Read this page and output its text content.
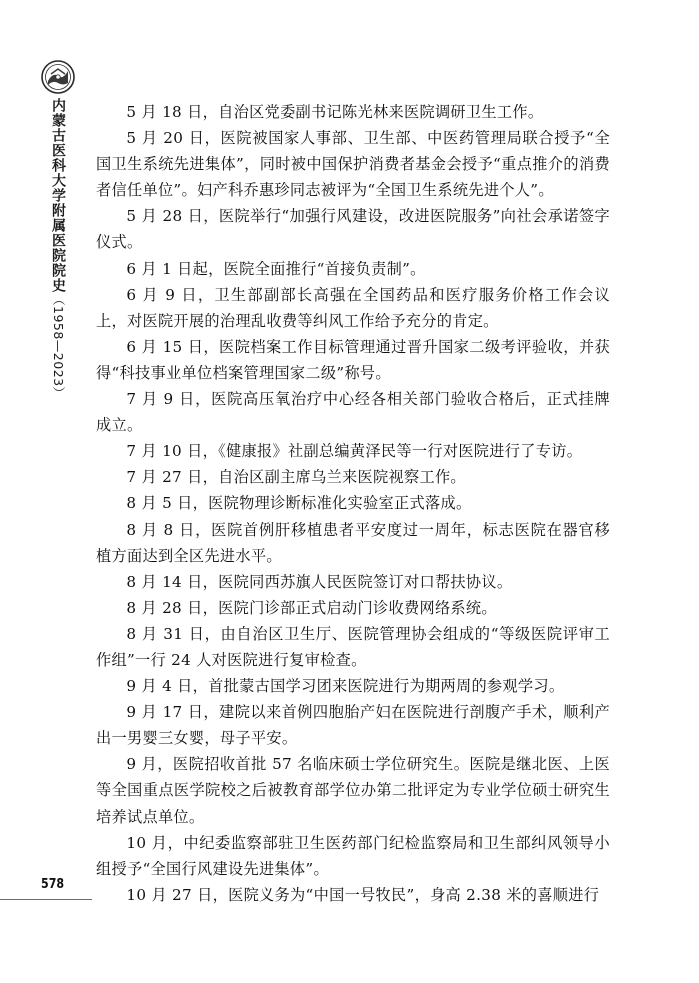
内蒙古医科大学附属医院院史（1958—2023）

5 月 18 日，自治区党委副书记陈光林来医院调研卫生工作。

5 月 20 日，医院被国家人事部、卫生部、中医药管理局联合授予“全国卫生系统先进集体”，同时被中国保护消费者基金会授予“重点推介的消费者信任单位”。妇产科乔惠珍同志被评为“全国卫生系统先进个人”。

5 月 28 日，医院举行“加强行风建设，改进医院服务”向社会承诺签字仪式。

6 月 1 日起，医院全面推行“首接负责制”。

6 月 9 日，卫生部副部长高强在全国药品和医疗服务价格工作会议上，对医院开展的治理乱收费等纠风工作给予充分的肯定。

6 月 15 日，医院档案工作目标管理通过晋升国家二级考评验收，并获得“科技事业单位档案管理国家二级”称号。

7 月 9 日，医院高压氧治疗中心经各相关部门验收合格后，正式挂牌成立。

7 月 10 日，《健康报》社副总编黄泽民等一行对医院进行了专访。

7 月 27 日，自治区副主席乌兰来医院视察工作。

8 月 5 日，医院物理诊断标准化实验室正式落成。

8 月 8 日，医院首例肝移植患者平安度过一周年，标志医院在器官移植方面达到全区先进水平。

8 月 14 日，医院同西苏旗人民医院签订对口帮扶协议。

8 月 28 日，医院门诊部正式启动门诊收费网络系统。

8 月 31 日，由自治区卫生厅、医院管理协会组成的“等级医院评审工作组”一行 24 人对医院进行复审检查。

9 月 4 日，首批蒙古国学习团来医院进行为期两周的参观学习。

9 月 17 日，建院以来首例四胞胎产妇在医院进行剖腹产手术，顺利产出一男婴三女婴，母子平安。

9 月，医院招收首批 57 名临床硕士学位研究生。医院是继北医、上医等全国重点医学院校之后被教育部学位办第二批评定为专业学位硕士研究生培养试点单位。

10 月，中纪委监察部驻卫生医药部门纪检监察局和卫生部纠风领导小组授予“全国行风建设先进集体”。

10 月 27 日，医院义务为“中国一号牧民”，身高 2.38 米的喜顺进行

578
